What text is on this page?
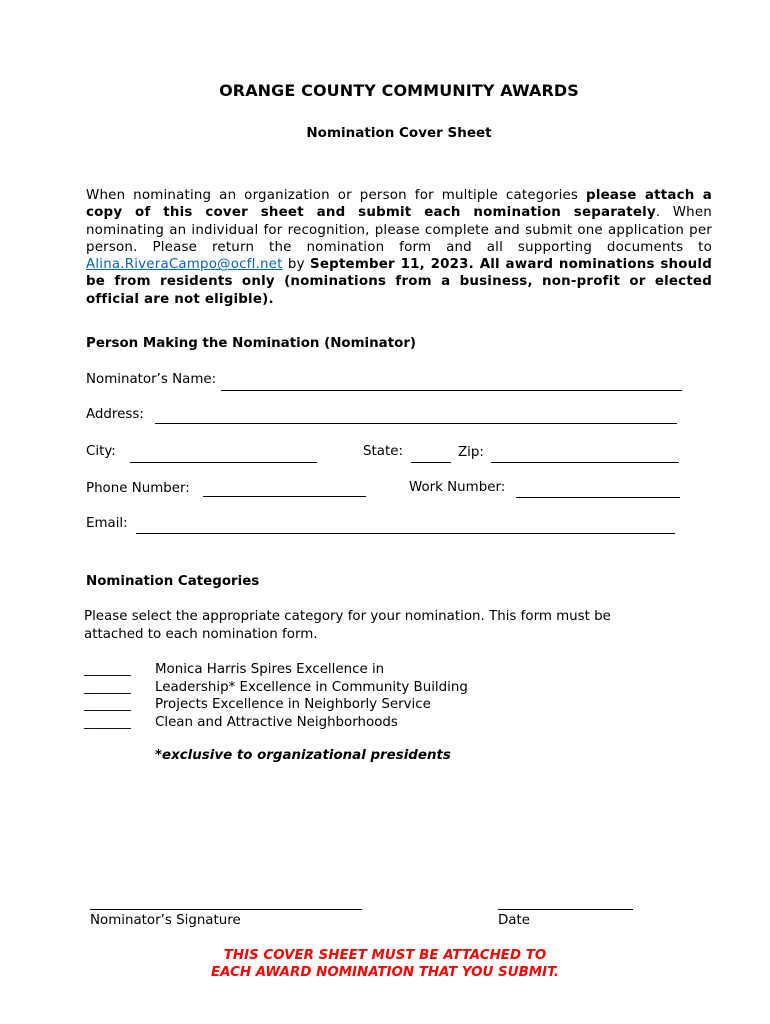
ORANGE COUNTY COMMUNITY AWARDS
Nomination Cover Sheet
When nominating an organization or person for multiple categories please attach a copy of this cover sheet and submit each nomination separately. When nominating an individual for recognition, please complete and submit one application per person. Please return the nomination form and all supporting documents to Alina.RiveraCampo@ocfl.net by September 11, 2023. All award nominations should be from residents only (nominations from a business, non-profit or elected official are not eligible).
Person Making the Nomination (Nominator)
Nominator’s Name:
Address:
City:	State:	Zip:
Phone Number:	Work Number:
Email:
Nomination Categories
Please select the appropriate category for your nomination. This form must be attached to each nomination form.
_______	Monica Harris Spires Excellence in
_______	Leadership* Excellence in Community Building
_______	Projects Excellence in Neighborly Service
_______	Clean and Attractive Neighborhoods
*exclusive to organizational presidents
Nominator’s Signature	Date
THIS COVER SHEET MUST BE ATTACHED TO
EACH AWARD NOMINATION THAT YOU SUBMIT.
